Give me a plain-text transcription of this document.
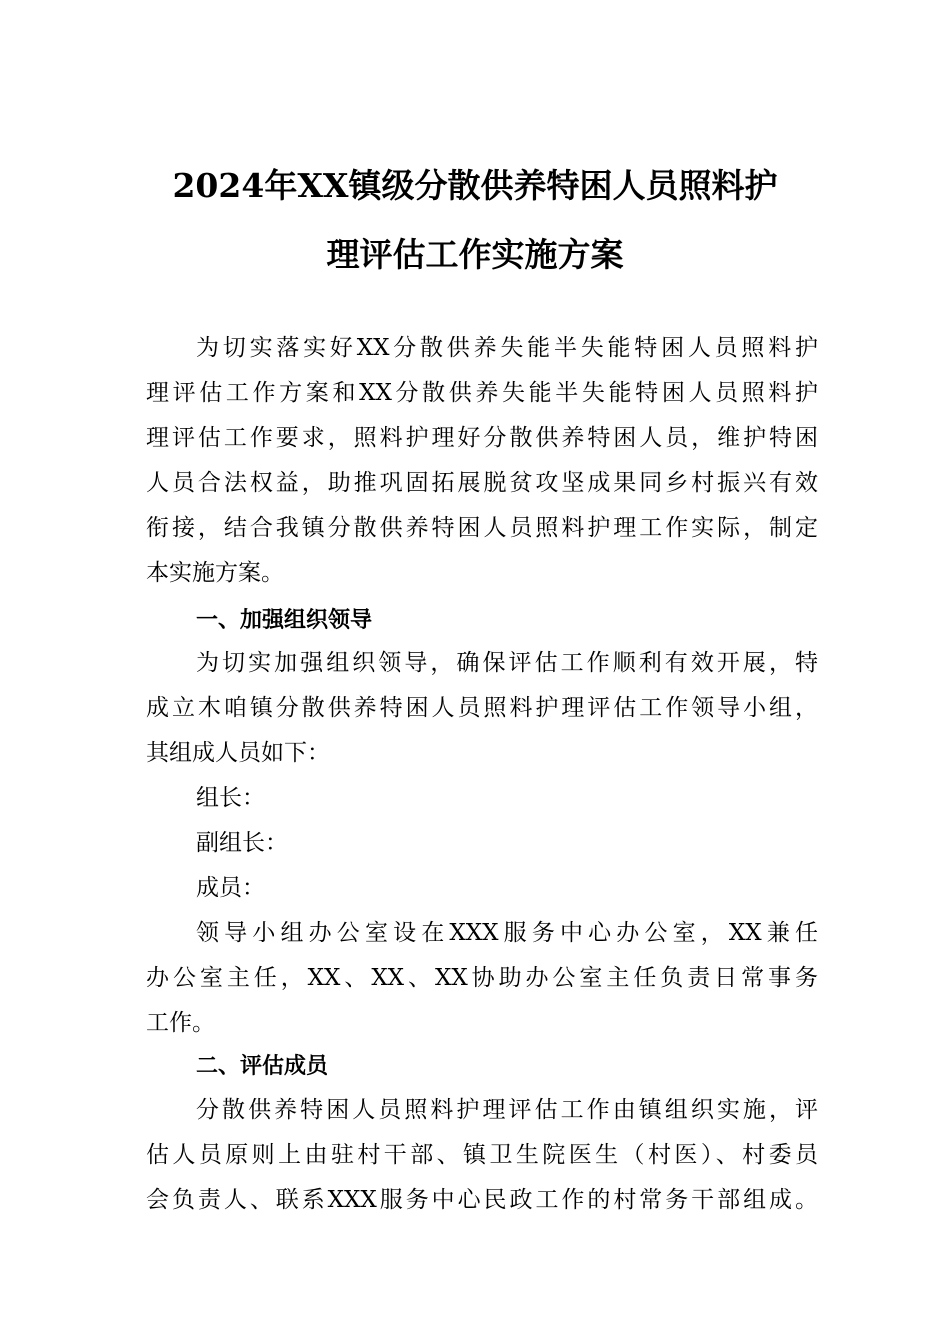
2024年XX镇级分散供养特困人员照料护
理评估工作实施方案
为切实落实好XX分散供养失能半失能特困人员照料护
理评估工作方案和XX分散供养失能半失能特困人员照料护
理评估工作要求，照料护理好分散供养特困人员，维护特困
人员合法权益，助推巩固拓展脱贫攻坚成果同乡村振兴有效
衔接，结合我镇分散供养特困人员照料护理工作实际，制定
本实施方案。
一、加强组织领导
为切实加强组织领导，确保评估工作顺利有效开展，特
成立木咱镇分散供养特困人员照料护理评估工作领导小组，
其组成人员如下：
组长：
副组长：
成员：
领导小组办公室设在XXX服务中心办公室，XX兼任
办公室主任，XX、XX、XX协助办公室主任负责日常事务
工作。
二、评估成员
分散供养特困人员照料护理评估工作由镇组织实施，评
估人员原则上由驻村干部、镇卫生院医生（村医）、村委员
会负责人、联系XXX服务中心民政工作的村常务干部组成。
